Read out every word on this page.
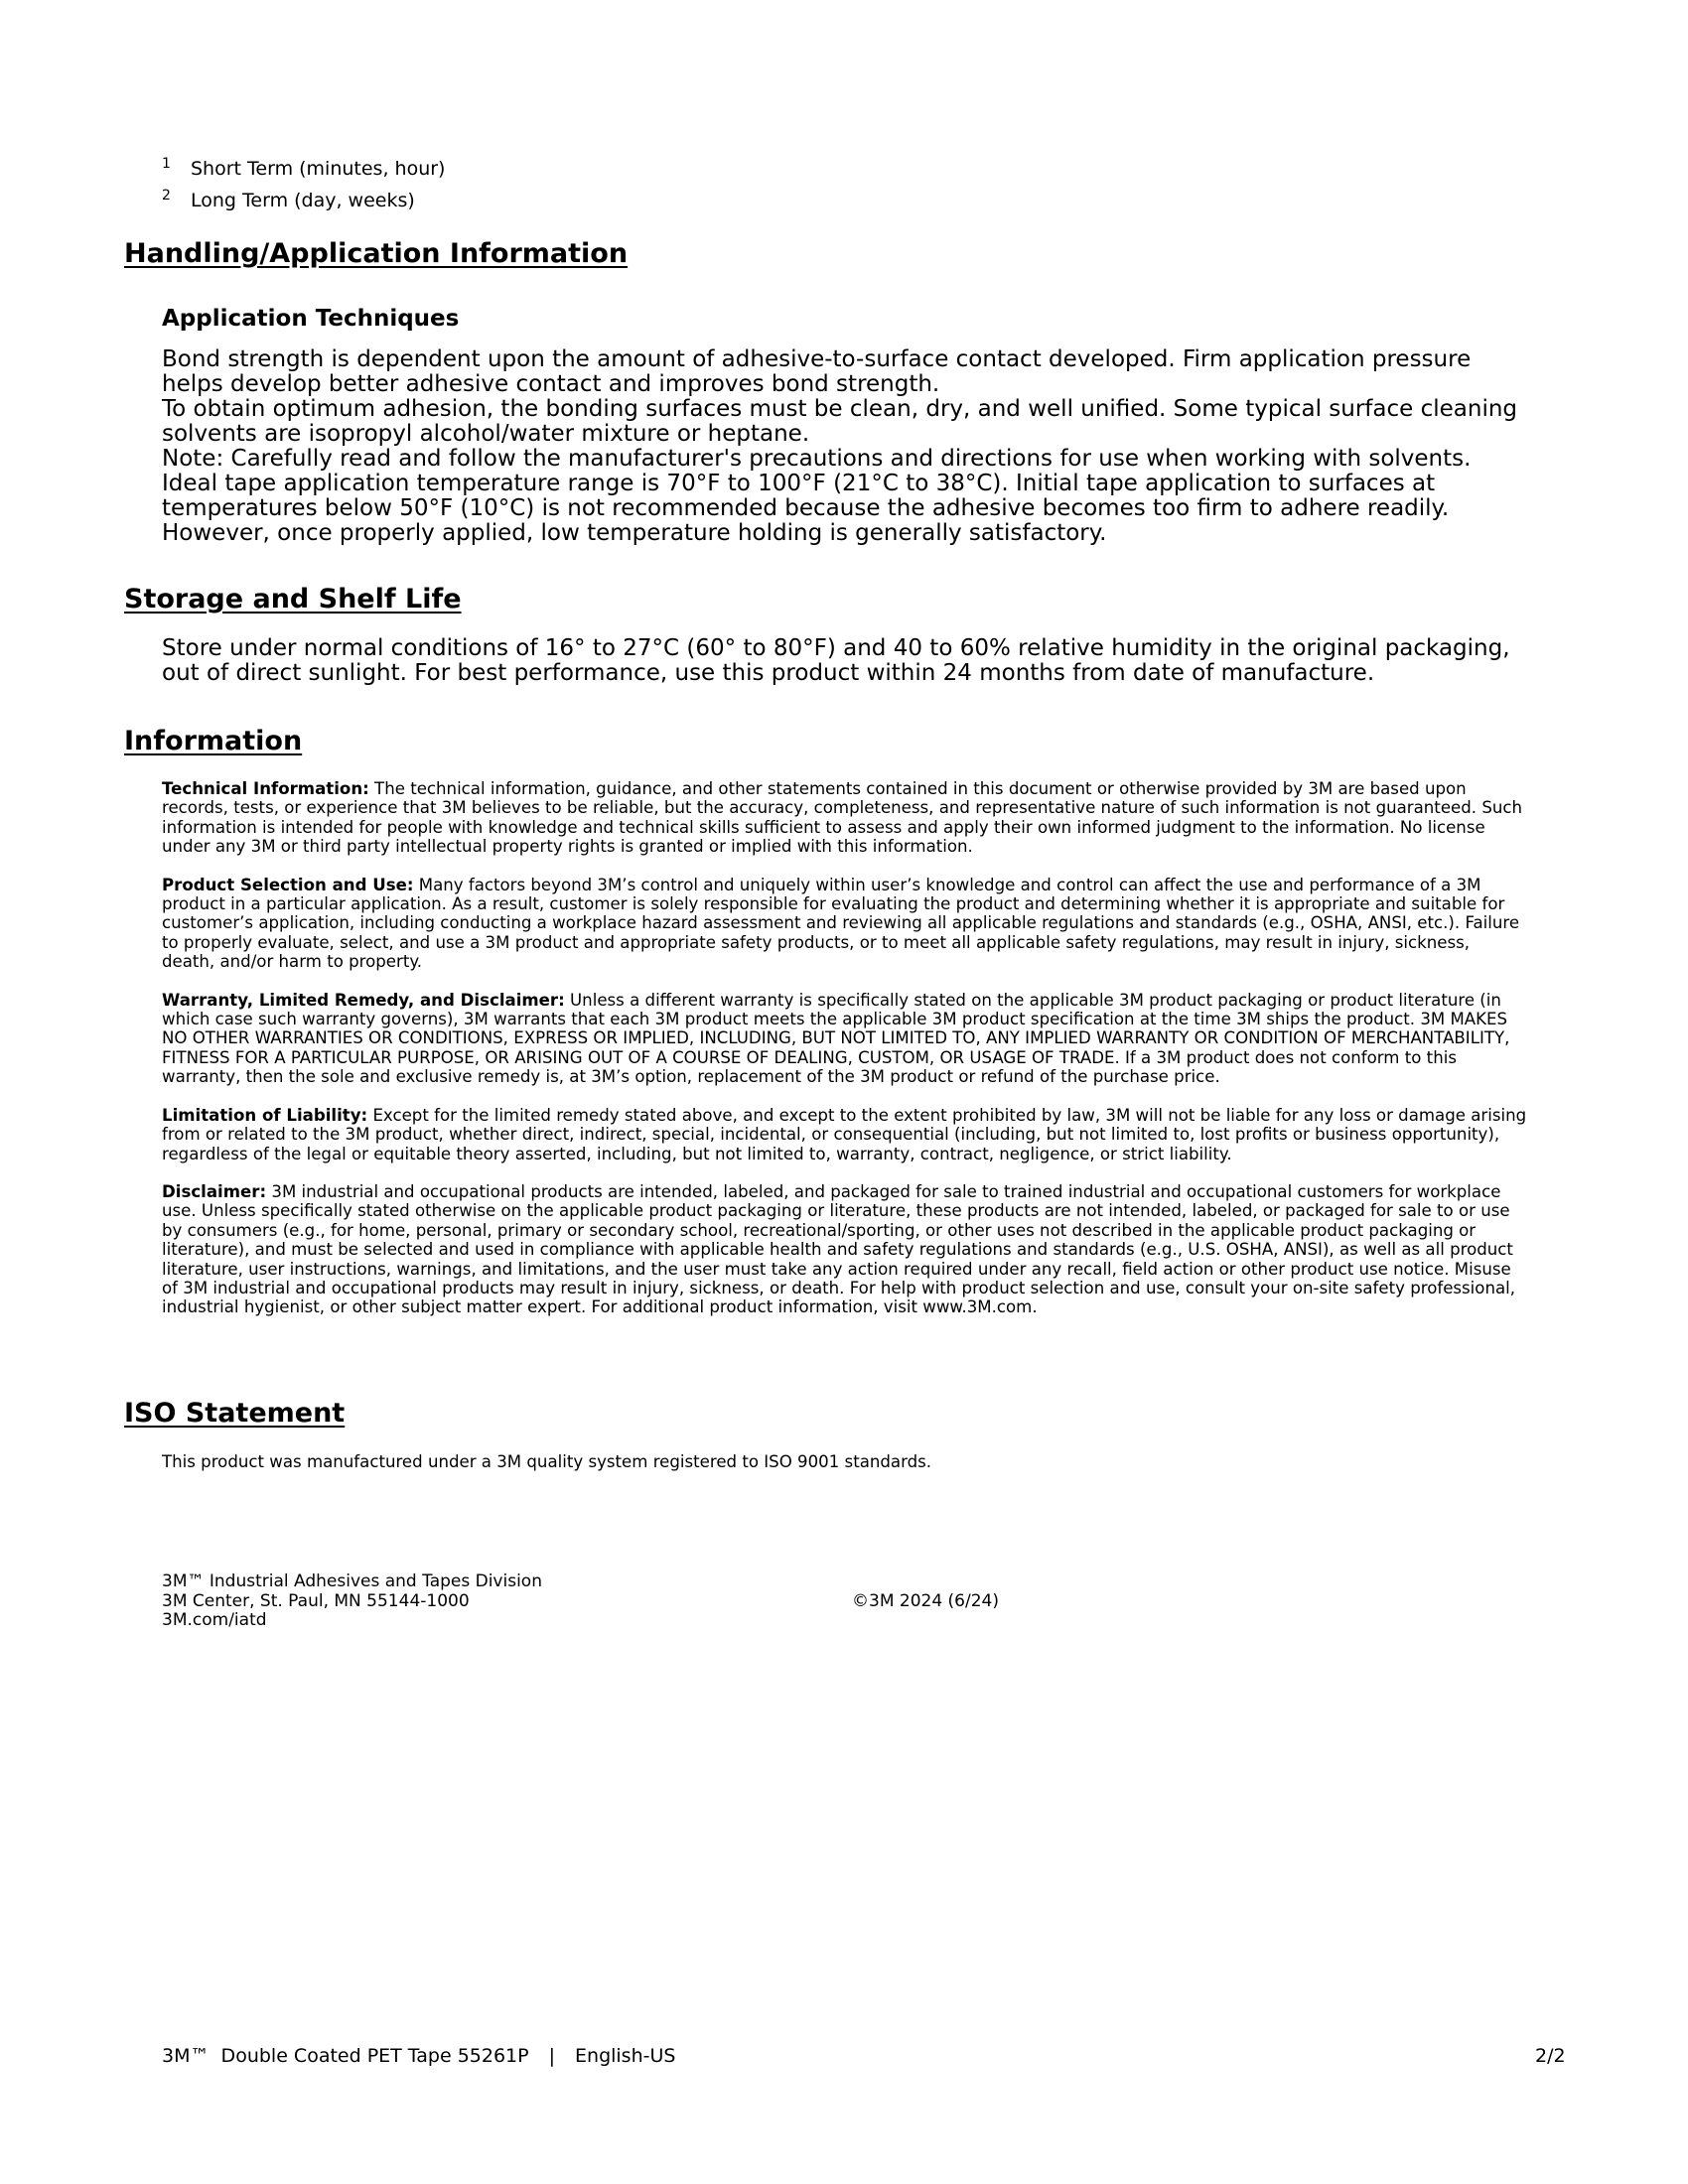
1	Short Term (minutes, hour)
2	Long Term (day, weeks)
Handling/Application Information
Application Techniques

Bond strength is dependent upon the amount of adhesive-to-surface contact developed. Firm application pressure helps develop better adhesive contact and improves bond strength.

To obtain optimum adhesion, the bonding surfaces must be clean, dry, and well unified. Some typical surface cleaning solvents are isopropyl alcohol/water mixture or heptane.

Note: Carefully read and follow the manufacturer's precautions and directions for use when working with solvents.

Ideal tape application temperature range is 70°F to 100°F (21°C to 38°C). Initial tape application to surfaces at temperatures below 50°F (10°C) is not recommended because the adhesive becomes too firm to adhere readily. However, once properly applied, low temperature holding is generally satisfactory.

Storage and Shelf Life

Store under normal conditions of 16° to 27°C (60° to 80°F) and 40 to 60% relative humidity in the original packaging, out of direct sunlight. For best performance, use this product within 24 months from date of manufacture.

Information

Technical Information: The technical information, guidance, and other statements contained in this document or otherwise provided by 3M are based upon records, tests, or experience that 3M believes to be reliable, but the accuracy, completeness, and representative nature of such information is not guaranteed. Such information is intended for people with knowledge and technical skills sufficient to assess and apply their own informed judgment to the information. No license under any 3M or third party intellectual property rights is granted or implied with this information.

Product Selection and Use: Many factors beyond 3M’s control and uniquely within user’s knowledge and control can affect the use and performance of a 3M product in a particular application. As a result, customer is solely responsible for evaluating the product and determining whether it is appropriate and suitable for customer’s application, including conducting a workplace hazard assessment and reviewing all applicable regulations and standards (e.g., OSHA, ANSI, etc.). Failure to properly evaluate, select, and use a 3M product and appropriate safety products, or to meet all applicable safety regulations, may result in injury, sickness, death, and/or harm to property.

Warranty, Limited Remedy, and Disclaimer: Unless a different warranty is specifically stated on the applicable 3M product packaging or product literature (in which case such warranty governs), 3M warrants that each 3M product meets the applicable 3M product specification at the time 3M ships the product. 3M MAKES NO OTHER WARRANTIES OR CONDITIONS, EXPRESS OR IMPLIED, INCLUDING, BUT NOT LIMITED TO, ANY IMPLIED WARRANTY OR CONDITION OF MERCHANTABILITY, FITNESS FOR A PARTICULAR PURPOSE, OR ARISING OUT OF A COURSE OF DEALING, CUSTOM, OR USAGE OF TRADE. If a 3M product does not conform to this warranty, then the sole and exclusive remedy is, at 3M’s option, replacement of the 3M product or refund of the purchase price.

Limitation of Liability: Except for the limited remedy stated above, and except to the extent prohibited by law, 3M will not be liable for any loss or damage arising from or related to the 3M product, whether direct, indirect, special, incidental, or consequential (including, but not limited to, lost profits or business opportunity), regardless of the legal or equitable theory asserted, including, but not limited to, warranty, contract, negligence, or strict liability.

Disclaimer: 3M industrial and occupational products are intended, labeled, and packaged for sale to trained industrial and occupational customers for workplace use. Unless specifically stated otherwise on the applicable product packaging or literature, these products are not intended, labeled, or packaged for sale to or use by consumers (e.g., for home, personal, primary or secondary school, recreational/sporting, or other uses not described in the applicable product packaging or literature), and must be selected and used in compliance with applicable health and safety regulations and standards (e.g., U.S. OSHA, ANSI), as well as all product literature, user instructions, warnings, and limitations, and the user must take any action required under any recall, field action or other product use notice. Misuse of 3M industrial and occupational products may result in injury, sickness, or death. For help with product selection and use, consult your on-site safety professional, industrial hygienist, or other subject matter expert. For additional product information, visit www.3M.com.

ISO Statement
This product was manufactured under a 3M quality system registered to ISO 9001 standards.
3M™ Industrial Adhesives and Tapes Division
3M Center, St. Paul, MN 55144-1000
3M.com/iatd
©3M 2024 (6/24)
3M™  Double Coated PET Tape 55261P | English-US	2/2
